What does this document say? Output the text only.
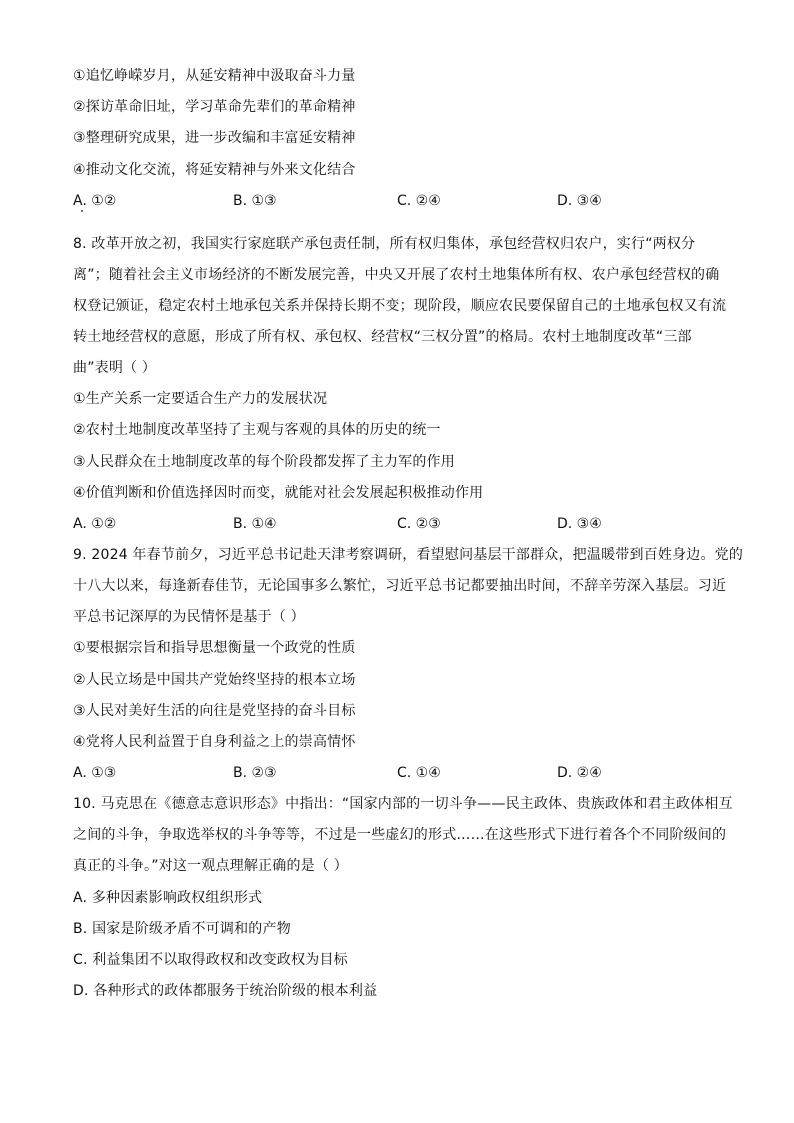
①追忆峥嵘岁月，从延安精神中汲取奋斗力量
②探访革命旧址，学习革命先辈们的革命精神
③整理研究成果，进一步改编和丰富延安精神
④推动文化交流，将延安精神与外来文化结合
A. ①②	B. ①③	C. ②④	D. ③④
8. 改革开放之初，我国实行家庭联产承包责任制，所有权归集体，承包经营权归农户，实行“两权分
离”；随着社会主义市场经济的不断发展完善，中央又开展了农村土地集体所有权、农户承包经营权的确
权登记颁证，稳定农村土地承包关系并保持长期不变；现阶段，顺应农民要保留自己的土地承包权又有流
转土地经营权的意愿，形成了所有权、承包权、经营权“三权分置”的格局。农村土地制度改革“三部
曲”表明（ ）
①生产关系一定要适合生产力的发展状况
②农村土地制度改革坚持了主观与客观的具体的历史的统一
③人民群众在土地制度改革的每个阶段都发挥了主力军的作用
④价值判断和价值选择因时而变，就能对社会发展起积极推动作用
A. ①②	B. ①④	C. ②③	D. ③④
9. 2024 年春节前夕，习近平总书记赴天津考察调研，看望慰问基层干部群众，把温暖带到百姓身边。党的
十八大以来，每逢新春佳节，无论国事多么繁忙，习近平总书记都要抽出时间，不辞辛劳深入基层。习近
平总书记深厚的为民情怀是基于（ ）
①要根据宗旨和指导思想衡量一个政党的性质
②人民立场是中国共产党始终坚持的根本立场
③人民对美好生活的向往是党坚持的奋斗目标
④党将人民利益置于自身利益之上的崇高情怀
A. ①③	B. ②③	C. ①④	D. ②④
10. 马克思在《德意志意识形态》中指出：“国家内部的一切斗争——民主政体、贵族政体和君主政体相互
之间的斗争，争取选举权的斗争等等，不过是一些虚幻的形式……在这些形式下进行着各个不同阶级间的
真正的斗争。”对这一观点理解正确的是（ ）
A. 多种因素影响政权组织形式
B. 国家是阶级矛盾不可调和的产物
C. 利益集团不以取得政权和改变政权为目标
D. 各种形式的政体都服务于统治阶级的根本利益
